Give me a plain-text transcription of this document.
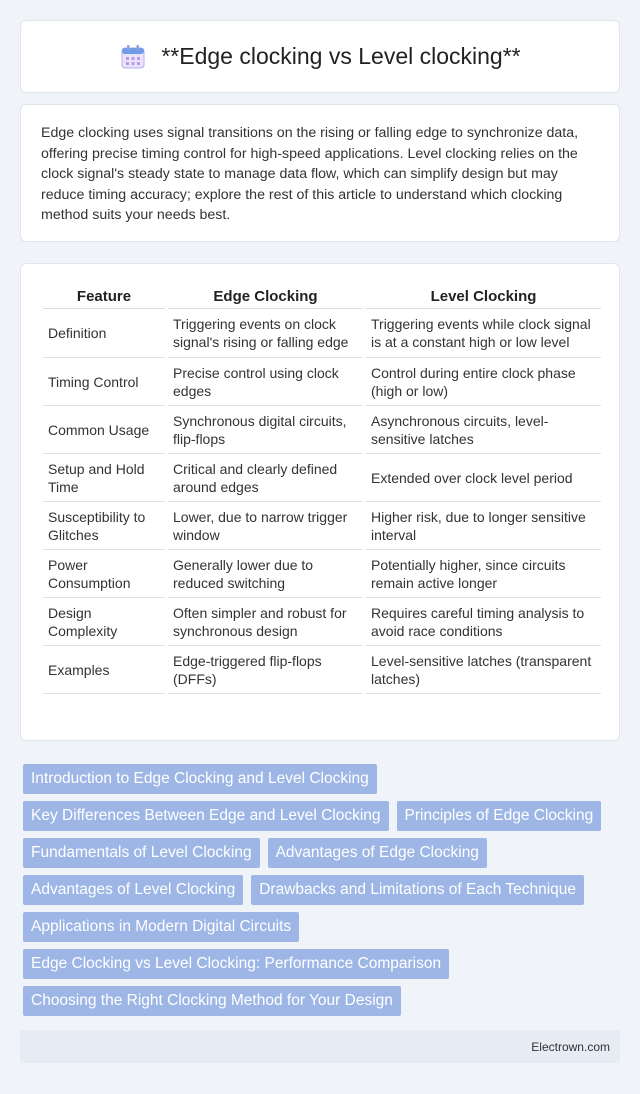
**Edge clocking vs Level clocking**

Edge clocking uses signal transitions on the rising or falling edge to synchronize data, offering precise timing control for high-speed applications. Level clocking relies on the clock signal's steady state to manage data flow, which can simplify design but may reduce timing accuracy; explore the rest of this article to understand which clocking method suits your needs best.

Feature	Edge Clocking	Level Clocking
Definition	Triggering events on clock signal's rising or falling edge	Triggering events while clock signal is at a constant high or low level
Timing Control	Precise control using clock edges	Control during entire clock phase (high or low)
Common Usage	Synchronous digital circuits, flip-flops	Asynchronous circuits, level-sensitive latches
Setup and Hold Time	Critical and clearly defined around edges	Extended over clock level period
Susceptibility to Glitches	Lower, due to narrow trigger window	Higher risk, due to longer sensitive interval
Power Consumption	Generally lower due to reduced switching	Potentially higher, since circuits remain active longer
Design Complexity	Often simpler and robust for synchronous design	Requires careful timing analysis to avoid race conditions
Examples	Edge-triggered flip-flops (DFFs)	Level-sensitive latches (transparent latches)
Introduction to Edge Clocking and Level Clocking
Key Differences Between Edge and Level Clocking	Principles of Edge Clocking
Fundamentals of Level Clocking	Advantages of Edge Clocking
Advantages of Level Clocking	Drawbacks and Limitations of Each Technique
Applications in Modern Digital Circuits
Edge Clocking vs Level Clocking: Performance Comparison
Choosing the Right Clocking Method for Your Design
Electrown.com
